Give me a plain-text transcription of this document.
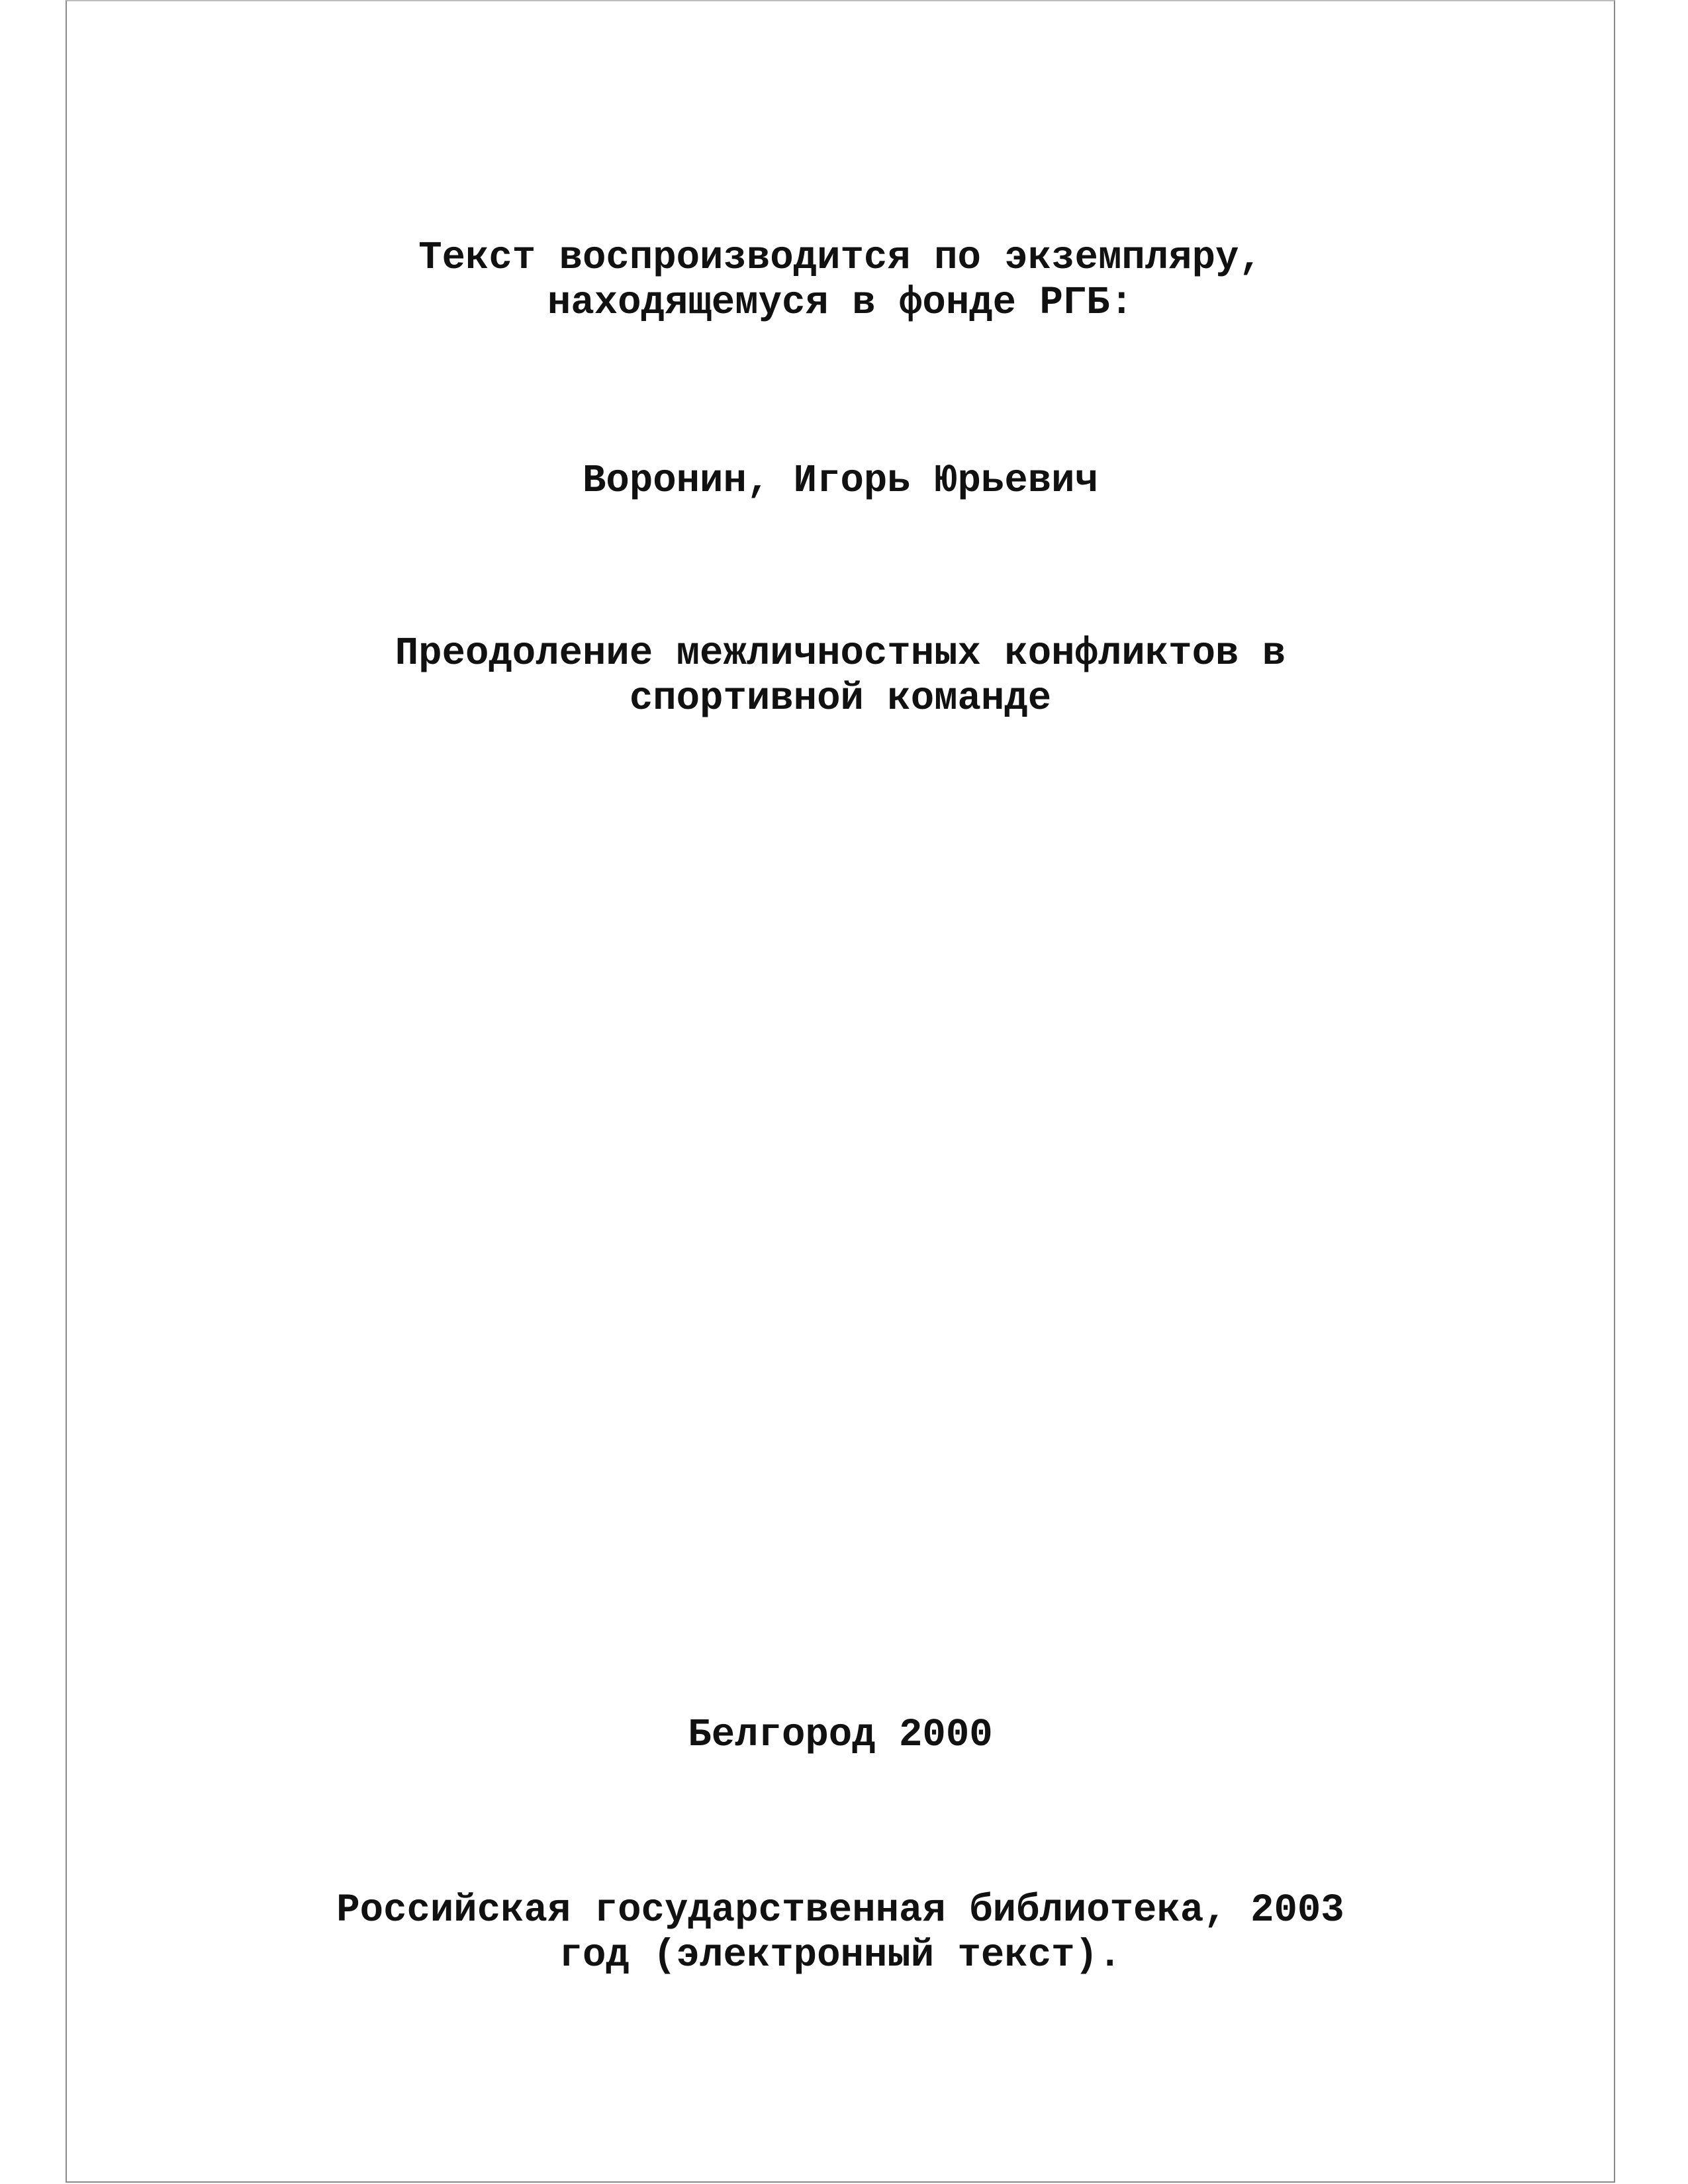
Текст воспроизводится по экземпляру,
находящемуся в фонде РГБ:
Воронин, Игорь Юрьевич
Преодоление межличностных конфликтов в
спортивной команде
Белгород 2000
Российская государственная библиотека, 2003
год (электронный текст).
